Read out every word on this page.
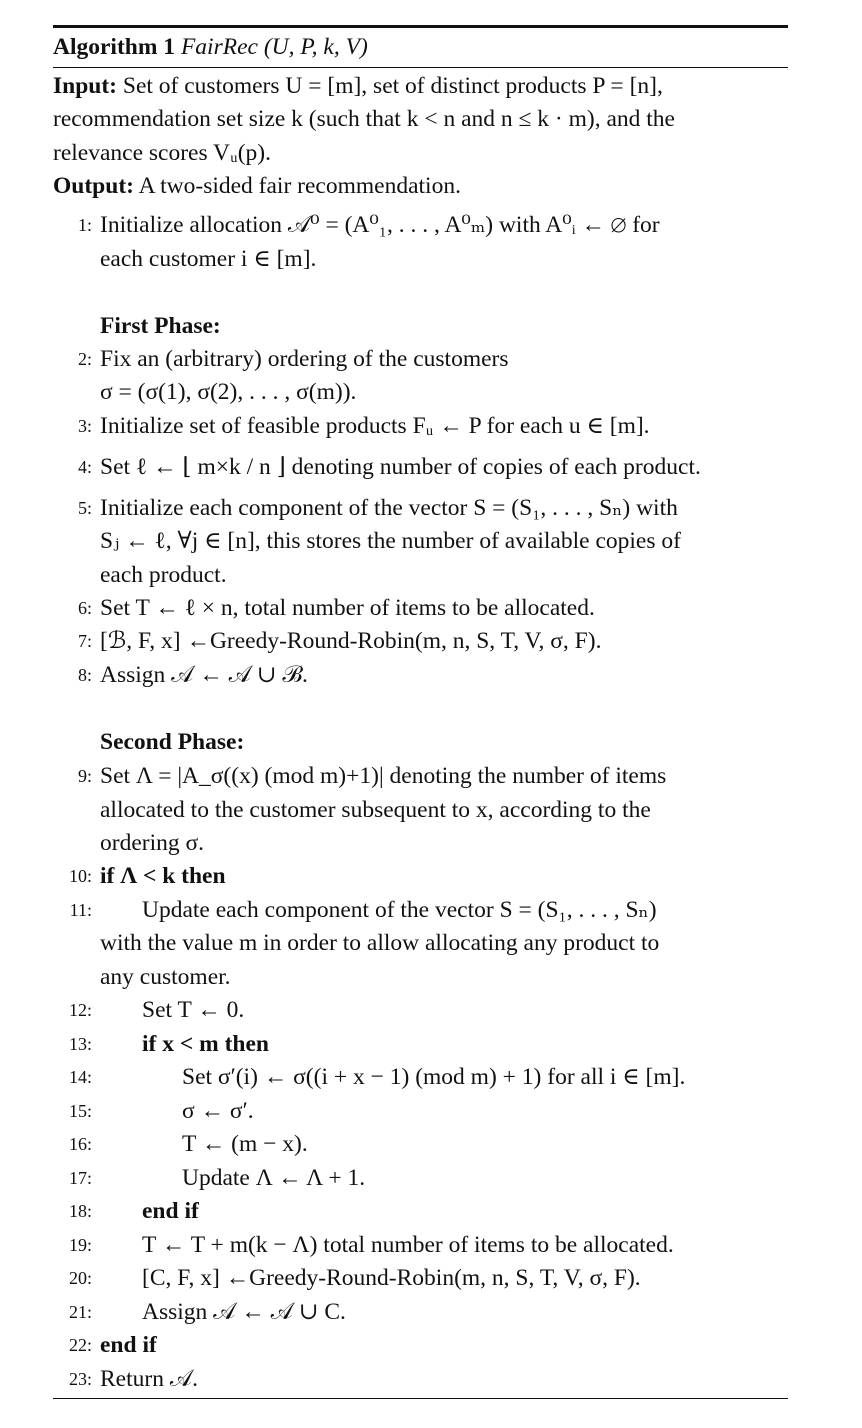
Algorithm 1 FairRec (U, P, k, V)
Input: Set of customers U = [m], set of distinct products P = [n],
recommendation set size k (such that k < n and n ≤ k · m), and the
relevance scores Vᵤ(p).
Output: A two-sided fair recommendation.
1: Initialize allocation 𝒜⁰ = (A⁰₁, . . . , A⁰ₘ) with A⁰ᵢ ← ∅ for
each customer i ∈ [m].
First Phase:
2: Fix an (arbitrary) ordering of the customers
σ = (σ(1), σ(2), . . . , σ(m)).
3: Initialize set of feasible products Fᵤ ← P for each u ∈ [m].
4: Set ℓ ← ⌊ m×k / n ⌋ denoting number of copies of each product.
5: Initialize each component of the vector S = (S₁, . . . , Sₙ) with
Sⱼ ← ℓ, ∀j ∈ [n], this stores the number of available copies of
each product.
6: Set T ← ℓ × n, total number of items to be allocated.
7: [ℬ, F, x] ←Greedy-Round-Robin(m, n, S, T, V, σ, F).
8: Assign 𝒜 ← 𝒜 ∪ ℬ.
Second Phase:
9: Set Λ = |A_σ((x) (mod m)+1)| denoting the number of items
allocated to the customer subsequent to x, according to the
ordering σ.
10: if Λ < k then
11: Update each component of the vector S = (S₁, . . . , Sₙ)
with the value m in order to allow allocating any product to
any customer.
12: Set T ← 0.
13: if x < m then
14:	Set σ′(i) ← σ((i + x − 1) (mod m) + 1) for all i ∈ [m].
15:	σ ← σ′.
16:	T ← (m − x).
17:	Update Λ ← Λ + 1.
18: end if
19: T ← T + m(k − Λ) total number of items to be allocated.
20: [C, F, x] ←Greedy-Round-Robin(m, n, S, T, V, σ, F).
21: Assign 𝒜 ← 𝒜 ∪ C.
22: end if
23: Return 𝒜.
